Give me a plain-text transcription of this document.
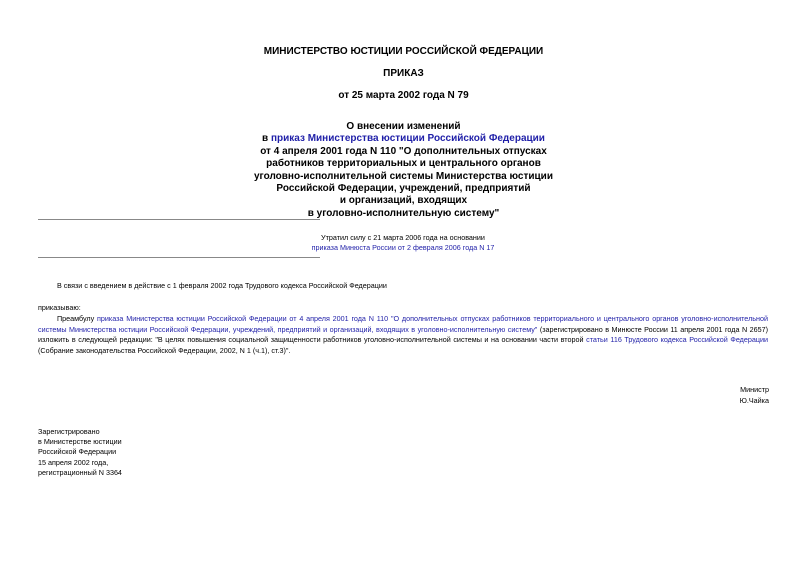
МИНИСТЕРСТВО ЮСТИЦИИ РОССИЙСКОЙ ФЕДЕРАЦИИ
ПРИКАЗ
от 25 марта 2002 года N 79
О внесении изменений
в приказ Министерства юстиции Российской Федерации
от 4 апреля 2001 года N 110 "О дополнительных отпусках
работников территориальных и центрального органов
уголовно-исполнительной системы Министерства юстиции
Российской Федерации, учреждений, предприятий
и организаций, входящих
в уголовно-исполнительную систему"
Утратил силу с 21 марта 2006 года на основании
приказа Минюста России от 2 февраля 2006 года N 17
В связи с введением в действие с 1 февраля 2002 года Трудового кодекса Российской Федерации
приказываю:
Преамбулу приказа Министерства юстиции Российской Федерации от 4 апреля 2001 года N 110 "О дополнительных отпусках работников территориального и центрального органов уголовно-исполнительной системы Министерства юстиции Российской Федерации, учреждений, предприятий и организаций, входящих в уголовно-исполнительную систему" (зарегистрировано в Минюсте России 11 апреля 2001 года N 2657) изложить в следующей редакции: "В целях повышения социальной защищенности работников уголовно-исполнительной системы и на основании части второй статьи 116 Трудового кодекса Российской Федерации (Собрание законодательства Российской Федерации, 2002, N 1 (ч.1), ст.3)".
Министр
Ю.Чайка
Зарегистрировано
в Министерстве юстиции
Российской Федерации
15 апреля 2002 года,
регистрационный N 3364
